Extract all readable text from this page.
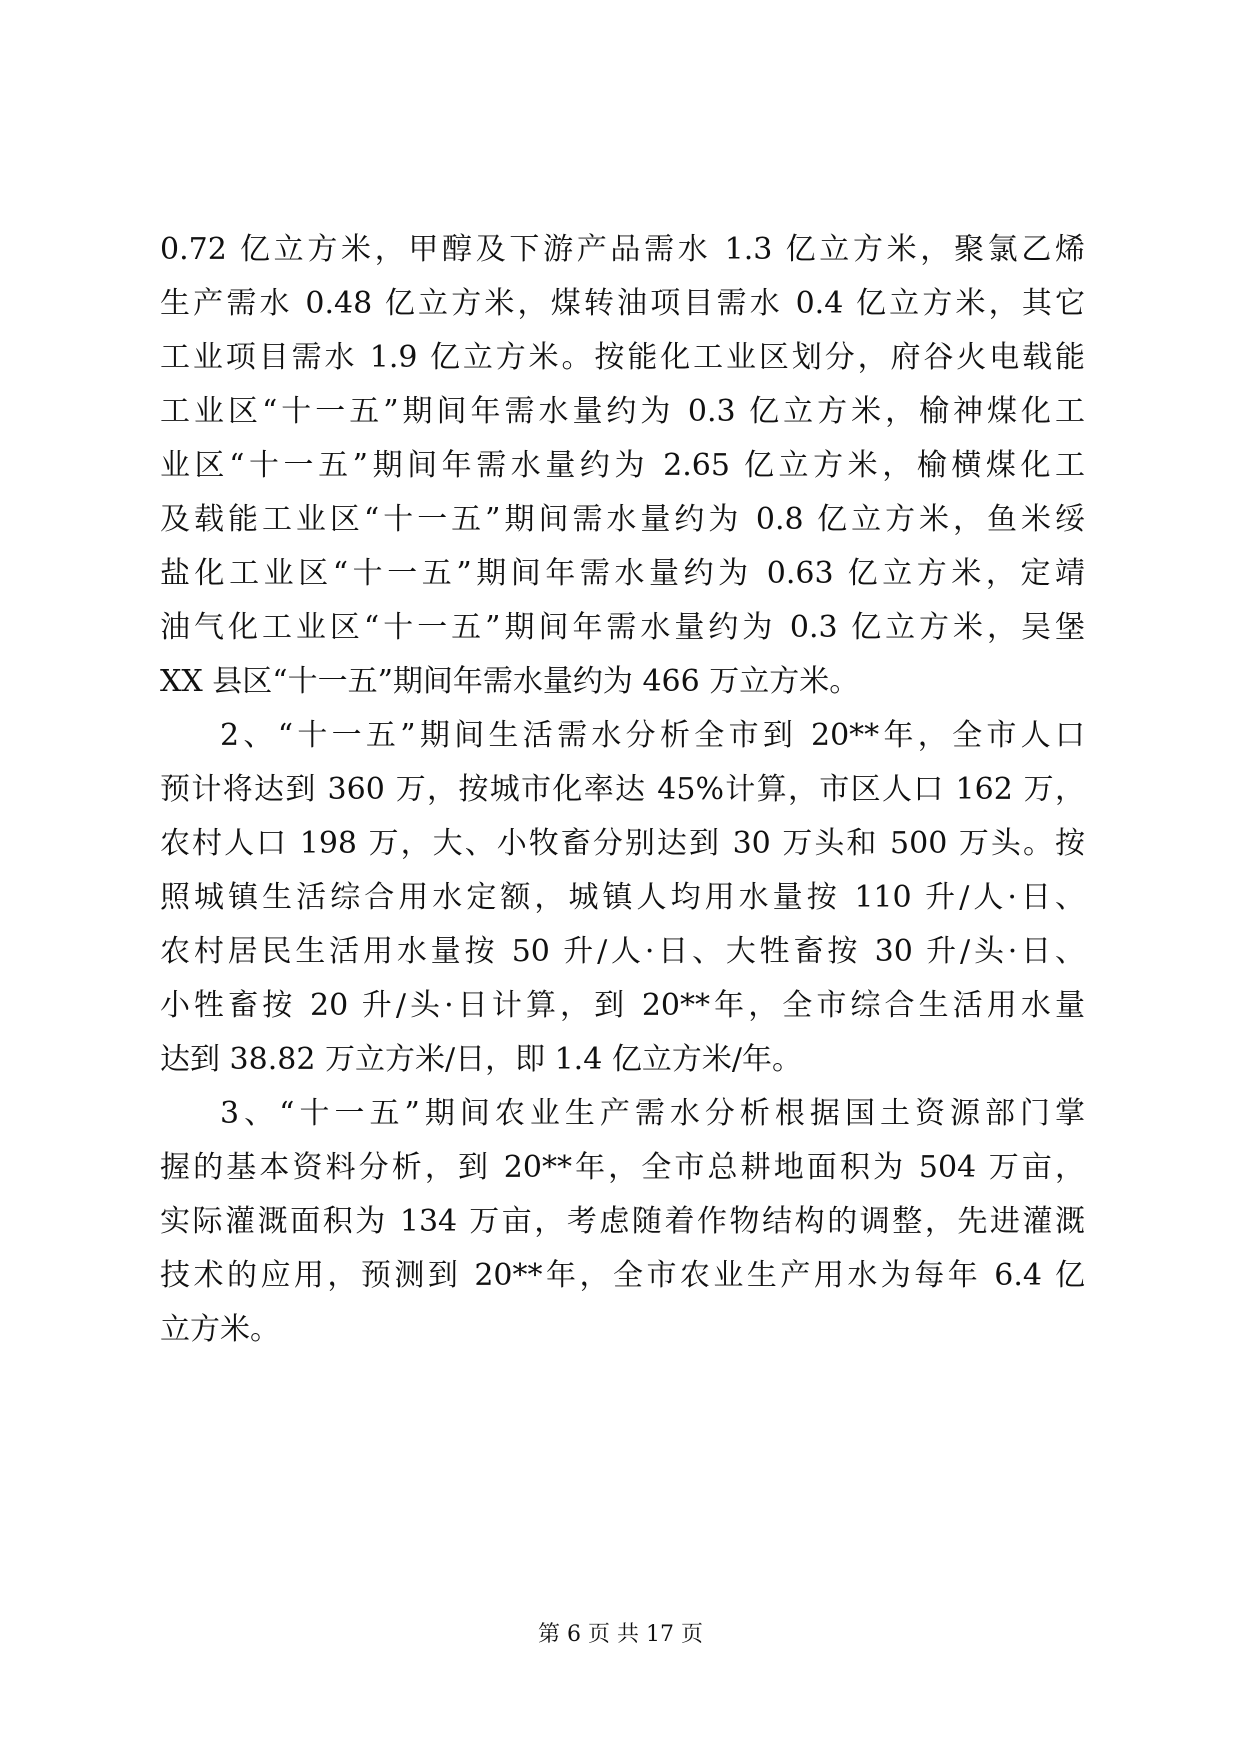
0.72 亿立方米，甲醇及下游产品需水 1.3 亿立方米，聚氯乙烯
生产需水 0.48 亿立方米，煤转油项目需水 0.4 亿立方米，其它
工业项目需水 1.9 亿立方米。按能化工业区划分，府谷火电载能
工业区“十一五”期间年需水量约为 0.3 亿立方米，榆神煤化工
业区“十一五”期间年需水量约为 2.65 亿立方米，榆横煤化工
及载能工业区“十一五”期间需水量约为 0.8 亿立方米，鱼米绥
盐化工业区“十一五”期间年需水量约为 0.63 亿立方米，定靖
油气化工业区“十一五”期间年需水量约为 0.3 亿立方米，吴堡
XX 县区“十一五”期间年需水量约为 466 万立方米。
2、“十一五”期间生活需水分析全市到 20**年，全市人口
预计将达到 360 万，按城市化率达 45%计算，市区人口 162 万，
农村人口 198 万，大、小牧畜分别达到 30 万头和 500 万头。按
照城镇生活综合用水定额，城镇人均用水量按 110 升/人·日、
农村居民生活用水量按 50 升/人·日、大牲畜按 30 升/头·日、
小牲畜按 20 升/头·日计算，到 20**年，全市综合生活用水量
达到 38.82 万立方米/日，即 1.4 亿立方米/年。
3、“十一五”期间农业生产需水分析根据国土资源部门掌
握的基本资料分析，到 20**年，全市总耕地面积为 504 万亩，
实际灌溉面积为 134 万亩，考虑随着作物结构的调整，先进灌溉
技术的应用，预测到 20**年，全市农业生产用水为每年 6.4 亿
立方米。
第 6 页 共 17 页
